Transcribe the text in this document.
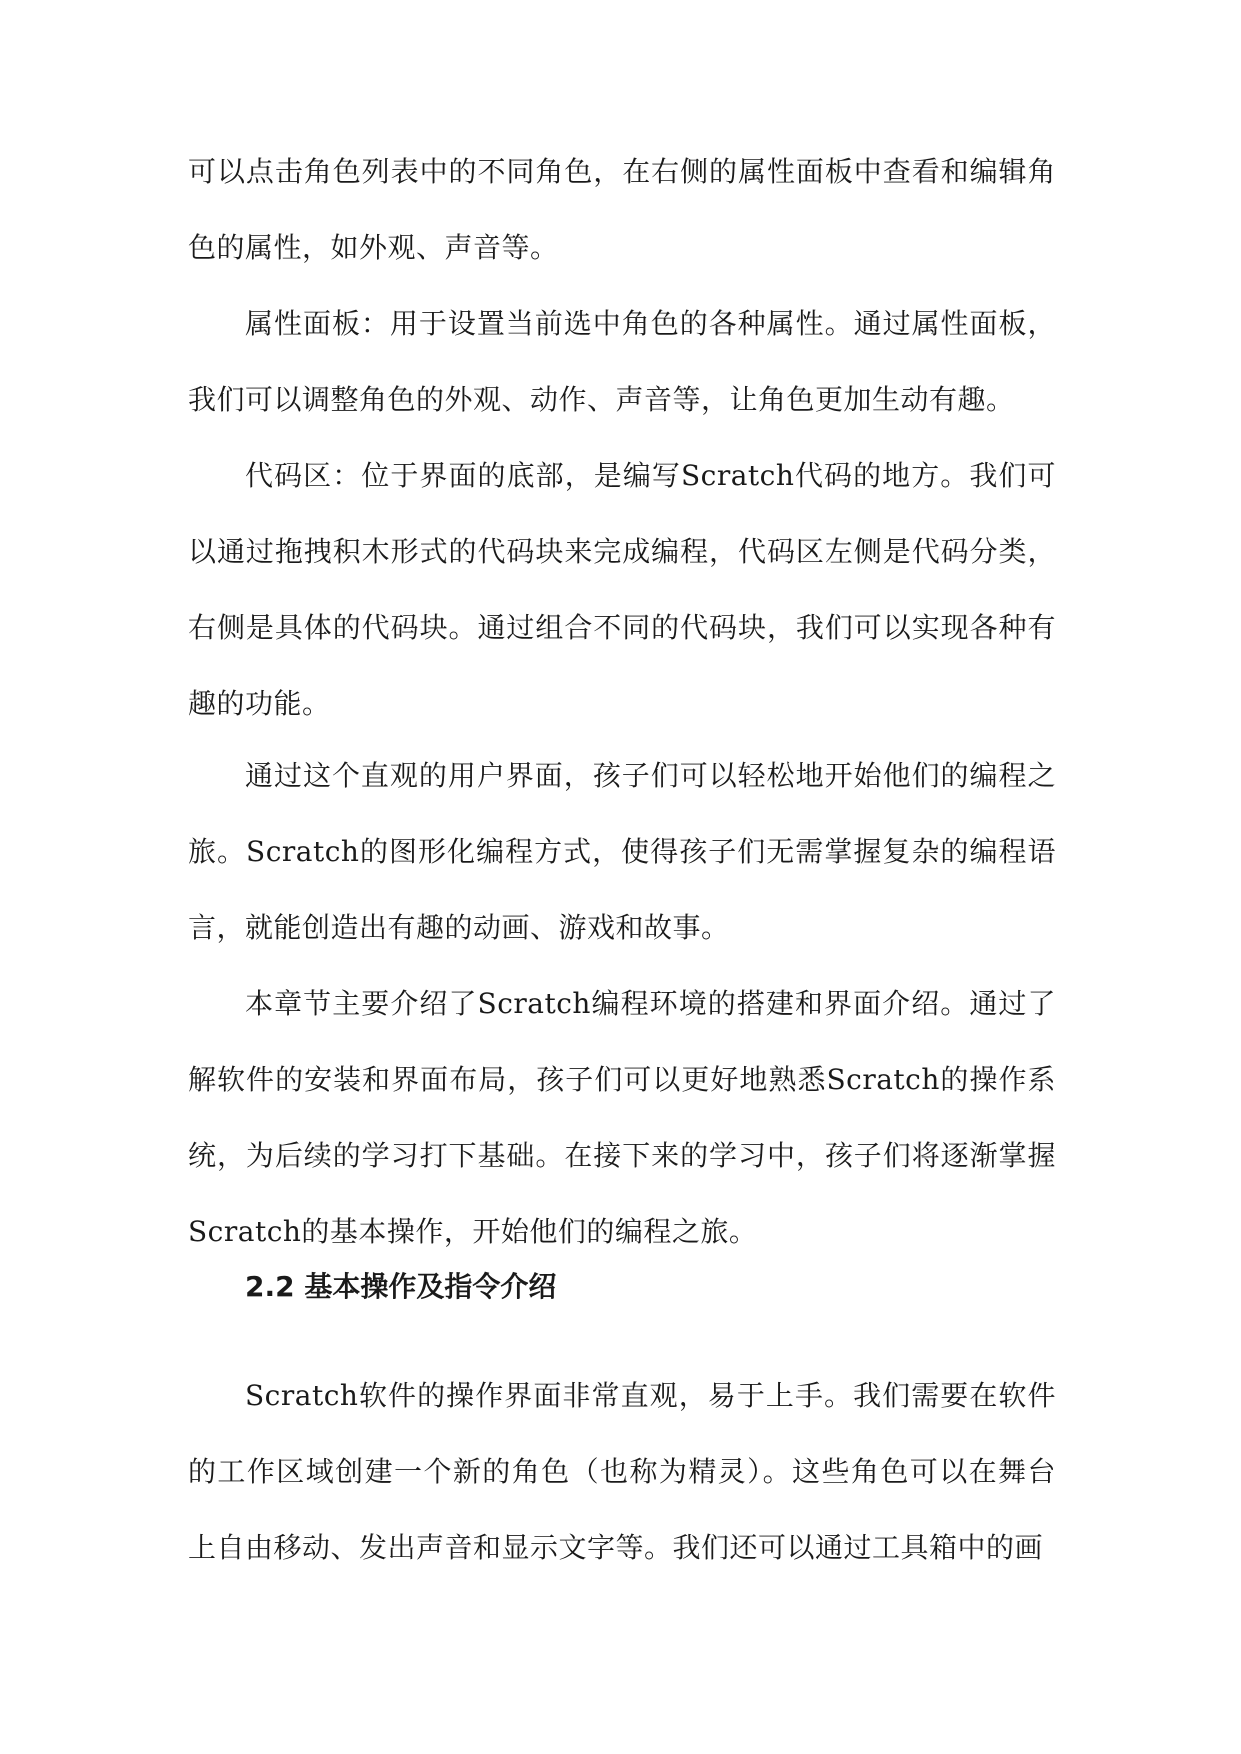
可以点击角色列表中的不同角色，在右侧的属性面板中查看和编辑角色的属性，如外观、声音等。

属性面板：用于设置当前选中角色的各种属性。通过属性面板，我们可以调整角色的外观、动作、声音等，让角色更加生动有趣。

代码区：位于界面的底部，是编写Scratch代码的地方。我们可以通过拖拽积木形式的代码块来完成编程，代码区左侧是代码分类，右侧是具体的代码块。通过组合不同的代码块，我们可以实现各种有趣的功能。

通过这个直观的用户界面，孩子们可以轻松地开始他们的编程之旅。Scratch的图形化编程方式，使得孩子们无需掌握复杂的编程语言，就能创造出有趣的动画、游戏和故事。

本章节主要介绍了Scratch编程环境的搭建和界面介绍。通过了解软件的安装和界面布局，孩子们可以更好地熟悉Scratch的操作系统，为后续的学习打下基础。在接下来的学习中，孩子们将逐渐掌握Scratch的基本操作，开始他们的编程之旅。

2.2 基本操作及指令介绍

Scratch软件的操作界面非常直观，易于上手。我们需要在软件的工作区域创建一个新的角色（也称为精灵）。这些角色可以在舞台上自由移动、发出声音和显示文字等。我们还可以通过工具箱中的画
